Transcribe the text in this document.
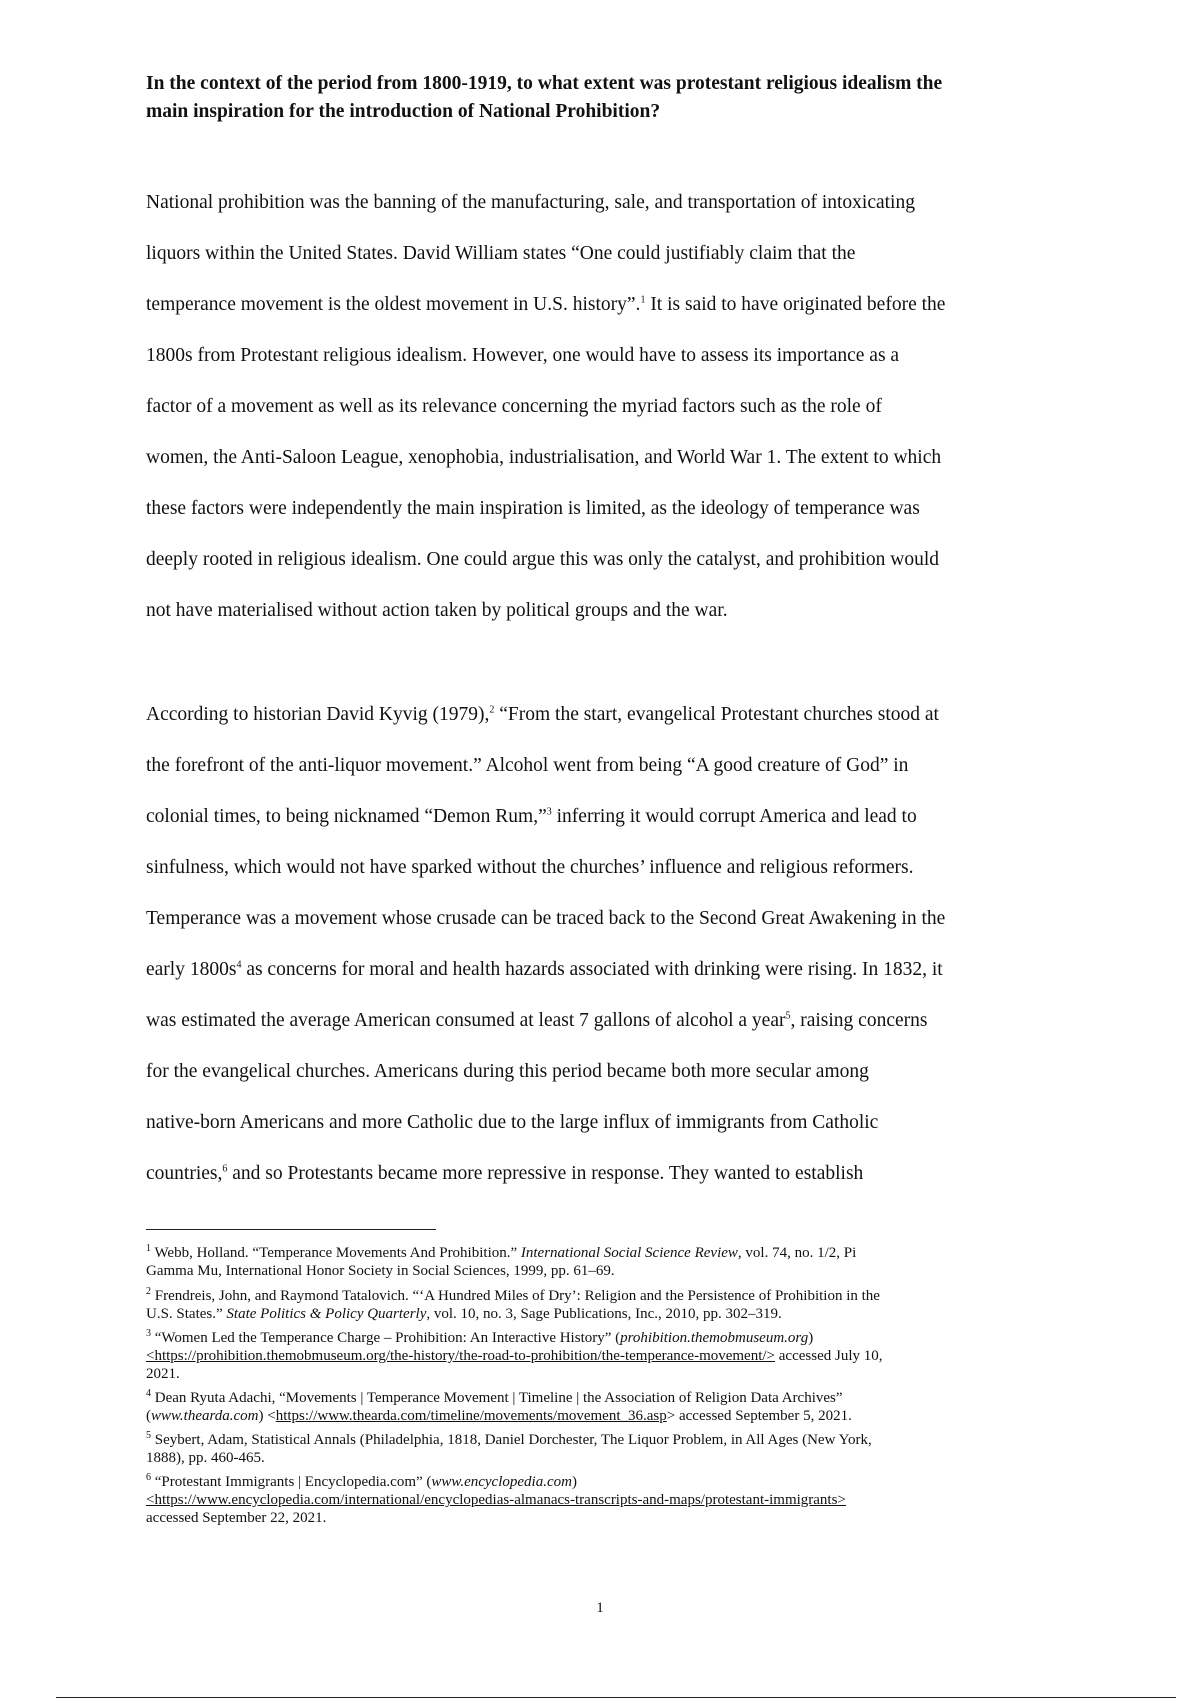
In the context of the period from 1800-1919, to what extent was protestant religious idealism the
main inspiration for the introduction of National Prohibition?
National prohibition was the banning of the manufacturing, sale, and transportation of intoxicating
liquors within the United States. David William states “One could justifiably claim that the
temperance movement is the oldest movement in U.S. history”.$^1$ It is said to have originated before the
1800s from Protestant religious idealism. However, one would have to assess its importance as a
factor of a movement as well as its relevance concerning the myriad factors such as the role of
women, the Anti-Saloon League, xenophobia, industrialisation, and World War 1. The extent to which
these factors were independently the main inspiration is limited, as the ideology of temperance was
deeply rooted in religious idealism. One could argue this was only the catalyst, and prohibition would
not have materialised without action taken by political groups and the war.
According to historian David Kyvig (1979),$^2$ “From the start, evangelical Protestant churches stood at
the forefront of the anti-liquor movement.” Alcohol went from being “A good creature of God” in
colonial times, to being nicknamed “Demon Rum,”$^3$ inferring it would corrupt America and lead to
sinfulness, which would not have sparked without the churches’ influence and religious reformers.
Temperance was a movement whose crusade can be traced back to the Second Great Awakening in the
early $1800s^4$ as concerns for moral and health hazards associated with drinking were rising. In 1832, it
was estimated the average American consumed at least 7 gallons of alcohol a year$^5$, raising concerns
for the evangelical churches. Americans during this period became both more secular among
native-born Americans and more Catholic due to the large influx of immigrants from Catholic
countries,$^6$ and so Protestants became more repressive in response. They wanted to establish
$^1$ Webb, Holland. “Temperance Movements And Prohibition.” International Social Science Review, vol. 74, no. 1/2, Pi
Gamma Mu, International Honor Society in Social Sciences, 1999, pp. 61–69.
$^2$ Frendreis, John, and Raymond Tatalovich. “‘A Hundred Miles of Dry’: Religion and the Persistence of Prohibition in the
U.S. States.” State Politics & Policy Quarterly, vol. 10, no. 3, Sage Publications, Inc., 2010, pp. 302–319.
$^3$ “Women Led the Temperance Charge – Prohibition: An Interactive History” (prohibition.themobmuseum.org)
<https://prohibition.themobmuseum.org/the-history/the-road-to-prohibition/the-temperance-movement/> accessed July 10,
2021.
$^4$ Dean Ryuta Adachi, “Movements | Temperance Movement | Timeline | the Association of Religion Data Archives”
(www.thearda.com) <https://www.thearda.com/timeline/movements/movement_36.asp> accessed September 5, 2021.
$^5$ Seybert, Adam, Statistical Annals (Philadelphia, 1818, Daniel Dorchester, The Liquor Problem, in All Ages (New York,
1888), pp. 460-465.
$^6$ “Protestant Immigrants | Encyclopedia.com” (www.encyclopedia.com)
<https://www.encyclopedia.com/international/encyclopedias-almanacs-transcripts-and-maps/protestant-immigrants>
accessed September 22, 2021.
1
